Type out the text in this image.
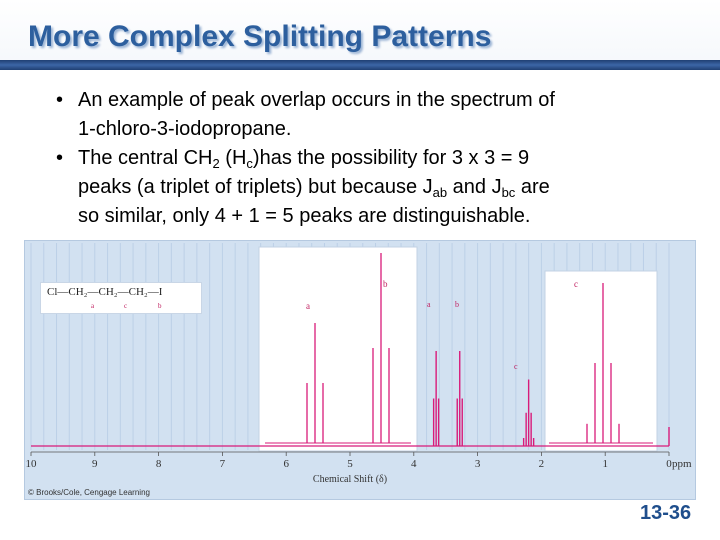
More Complex Splitting Patterns
• An example of peak overlap occurs in the spectrum of
1-chloro-3-iodopropane.
• The central $CH_2$ $(H_c)has$ the possibility for 3 x 3 = 9
peaks (a triplet of triplets) but because $J_{ab}$ and $J_{bc}$ are
so similar, only 4 + 1 = 5 peaks are distinguishable.
10	9	8	7	6	5	4	3	2	1	0 ppm
Chemical Shift (δ)
a
b	c
a	b
c
Cl—CH₂—CH₂—CH₂—I
a	c	b
© Brooks/Cole, Cengage Learning
13-36
